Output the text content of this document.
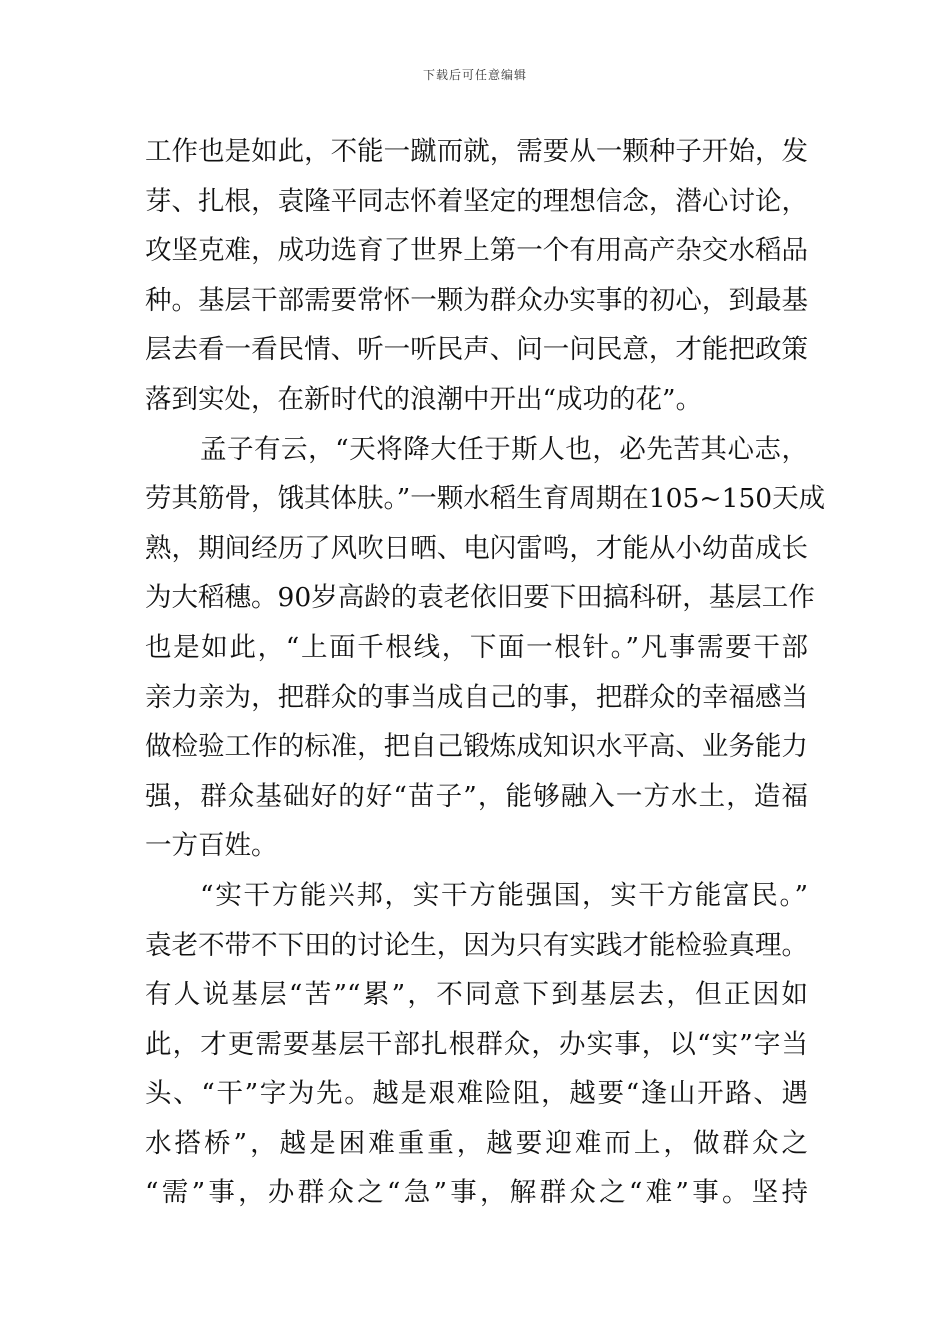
下载后可任意编辑
工作也是如此，不能一蹴而就，需要从一颗种子开始，发
芽、扎根，袁隆平同志怀着坚定的理想信念，潜心讨论，
攻坚克难，成功选育了世界上第一个有用高产杂交水稻品
种。基层干部需要常怀一颗为群众办实事的初心，到最基
层去看一看民情、听一听民声、问一问民意，才能把政策
落到实处，在新时代的浪潮中开出“成功的花”。
孟子有云，“天将降大任于斯人也，必先苦其心志，
劳其筋骨，饿其体肤。”一颗水稻生育周期在105~150天成
熟，期间经历了风吹日晒、电闪雷鸣，才能从小幼苗成长
为大稻穗。90岁高龄的袁老依旧要下田搞科研，基层工作
也是如此，“上面千根线，下面一根针。”凡事需要干部
亲力亲为，把群众的事当成自己的事，把群众的幸福感当
做检验工作的标准，把自己锻炼成知识水平高、业务能力
强，群众基础好的好“苗子”，能够融入一方水土，造福
一方百姓。
“实干方能兴邦，实干方能强国，实干方能富民。”
袁老不带不下田的讨论生，因为只有实践才能检验真理。
有人说基层“苦”“累”，不同意下到基层去，但正因如
此，才更需要基层干部扎根群众，办实事，以“实”字当
头、“干”字为先。越是艰难险阻，越要“逢山开路、遇
水搭桥”，越是困难重重，越要迎难而上，做群众之
“需”事，办群众之“急”事，解群众之“难”事。坚持
